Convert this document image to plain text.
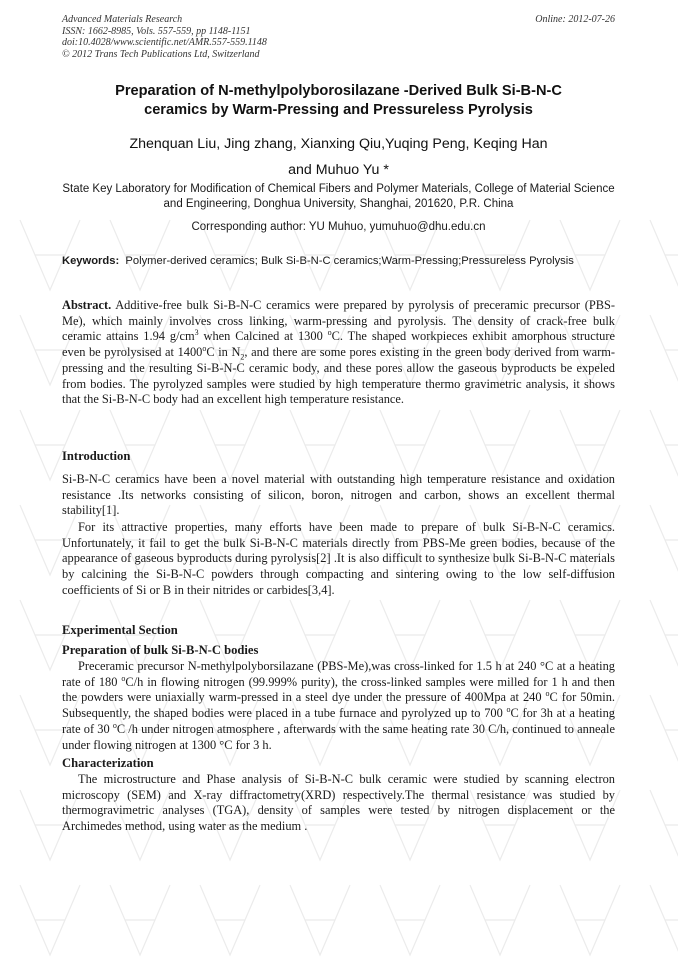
Advanced Materials Research
ISSN: 1662-8985, Vols. 557-559, pp 1148-1151
doi:10.4028/www.scientific.net/AMR.557-559.1148
© 2012 Trans Tech Publications Ltd, Switzerland
Online: 2012-07-26
Preparation of N-methylpolyborosilazane -Derived Bulk Si-B-N-C
ceramics by Warm-Pressing and Pressureless Pyrolysis
Zhenquan Liu, Jing zhang, Xianxing Qiu,Yuqing Peng, Keqing Han
and Muhuo Yu *
State Key Laboratory for Modification of Chemical Fibers and Polymer Materials, College of Material Science and Engineering, Donghua University, Shanghai, 201620, P.R. China
Corresponding author: YU Muhuo, yumuhuo@dhu.edu.cn
Keywords: Polymer-derived ceramics; Bulk Si-B-N-C ceramics;Warm-Pressing;Pressureless Pyrolysis
Abstract. Additive-free bulk Si-B-N-C ceramics were prepared by pyrolysis of preceramic precursor (PBS-Me), which mainly involves cross linking, warm-pressing and pyrolysis. The density of crack-free bulk ceramic attains 1.94 $g/cm^3$ when Calcined at 1300 $^o$C. The shaped workpieces exhibit amorphous structure even be pyrolysised at 1400$^o$C in $N_2$, and there are some pores existing in the green body derived from warm-pressing and the resulting Si-B-N-C ceramic body, and these pores allow the gaseous byproducts be expeled from bodies. The pyrolyzed samples were studied by high temperature thermo gravimetric analysis, it shows that the Si-B-N-C body had an excellent high temperature resistance.
Introduction
Si-B-N-C ceramics have been a novel material with outstanding high temperature resistance and oxidation resistance .Its networks consisting of silicon, boron, nitrogen and carbon, shows an excellent thermal stability[1].
For its attractive properties, many efforts have been made to prepare of bulk Si-B-N-C ceramics. Unfortunately, it fail to get the bulk Si-B-N-C materials directly from PBS-Me green bodies, because of the appearance of gaseous byproducts during pyrolysis[2] .It is also difficult to synthesize bulk Si-B-N-C materials by calcining the Si-B-N-C powders through compacting and sintering owing to the low self-diffusion coefficients of Si or B in their nitrides or carbides[3,4].
Experimental Section
Preparation of bulk Si-B-N-C bodies
Preceramic precursor N-methylpolyborsilazane (PBS-Me),was cross-linked for 1.5 h at 240 °C at a heating rate of 180 $^o$C/h in flowing nitrogen (99.999% purity), the cross-linked samples were milled for 1 h and then the powders were uniaxially warm-pressed in a steel dye under the pressure of 400Mpa at 240 $^o$C for 50min. Subsequently, the shaped bodies were placed in a tube furnace and pyrolyzed up to 700 $^o$C for 3h at a heating rate of 30 $^o$C /h under nitrogen atmosphere , afterwards with the same heating rate 30 C/h, continued to anneale under flowing nitrogen at 1300 °C for 3 h.
Characterization
The microstructure and Phase analysis of Si-B-N-C bulk ceramic were studied by scanning electron microscopy (SEM) and X-ray diffractometry(XRD) respectively.The thermal resistance was studied by thermogravimetric analyses (TGA), density of samples were tested by nitrogen displacement or the Archimedes method, using water as the medium .
